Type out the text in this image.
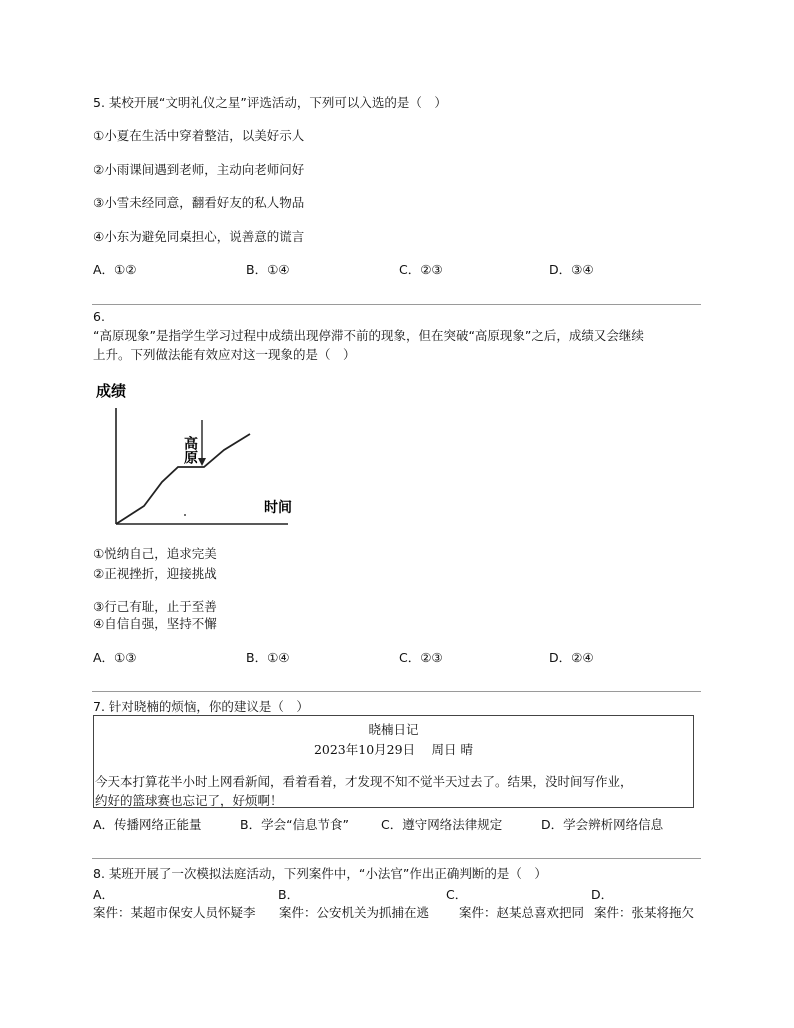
5. 某校开展“文明礼仪之星”评选活动，下列可以入选的是（　）
①小夏在生活中穿着整洁，以美好示人
②小雨课间遇到老师，主动向老师问好
③小雪未经同意，翻看好友的私人物品
④小东为避免同桌担心，说善意的谎言
A．①②	B．①④	C．②③	D．③④
6.
“高原现象”是指学生学习过程中成绩出现停滞不前的现象，但在突破“高原现象”之后，成绩又会继续
上升。下列做法能有效应对这一现象的是（　）
成绩
高原
时间
①悦纳自己，追求完美
②正视挫折，迎接挑战
③行己有耻，止于至善
④自信自强，坚持不懈
A．①③	B．①④	C．②③	D．②④
7. 针对晓楠的烦恼，你的建议是（　）
晓楠日记
2023年10月29日　 周日 晴
今天本打算花半小时上网看新闻，看着看着，才发现不知不觉半天过去了。结果，没时间写作业，
约好的篮球赛也忘记了，好烦啊！
A．传播网络正能量	B．学会“信息节食”	C．遵守网络法律规定	D．学会辨析网络信息
8. 某班开展了一次模拟法庭活动，下列案件中，“小法官”作出正确判断的是（　）
A．	B．	C．	D．
案件：某超市保安人员怀疑李	案件：公安机关为抓捕在逃	案件：赵某总喜欢把同 案件：张某将拖欠
